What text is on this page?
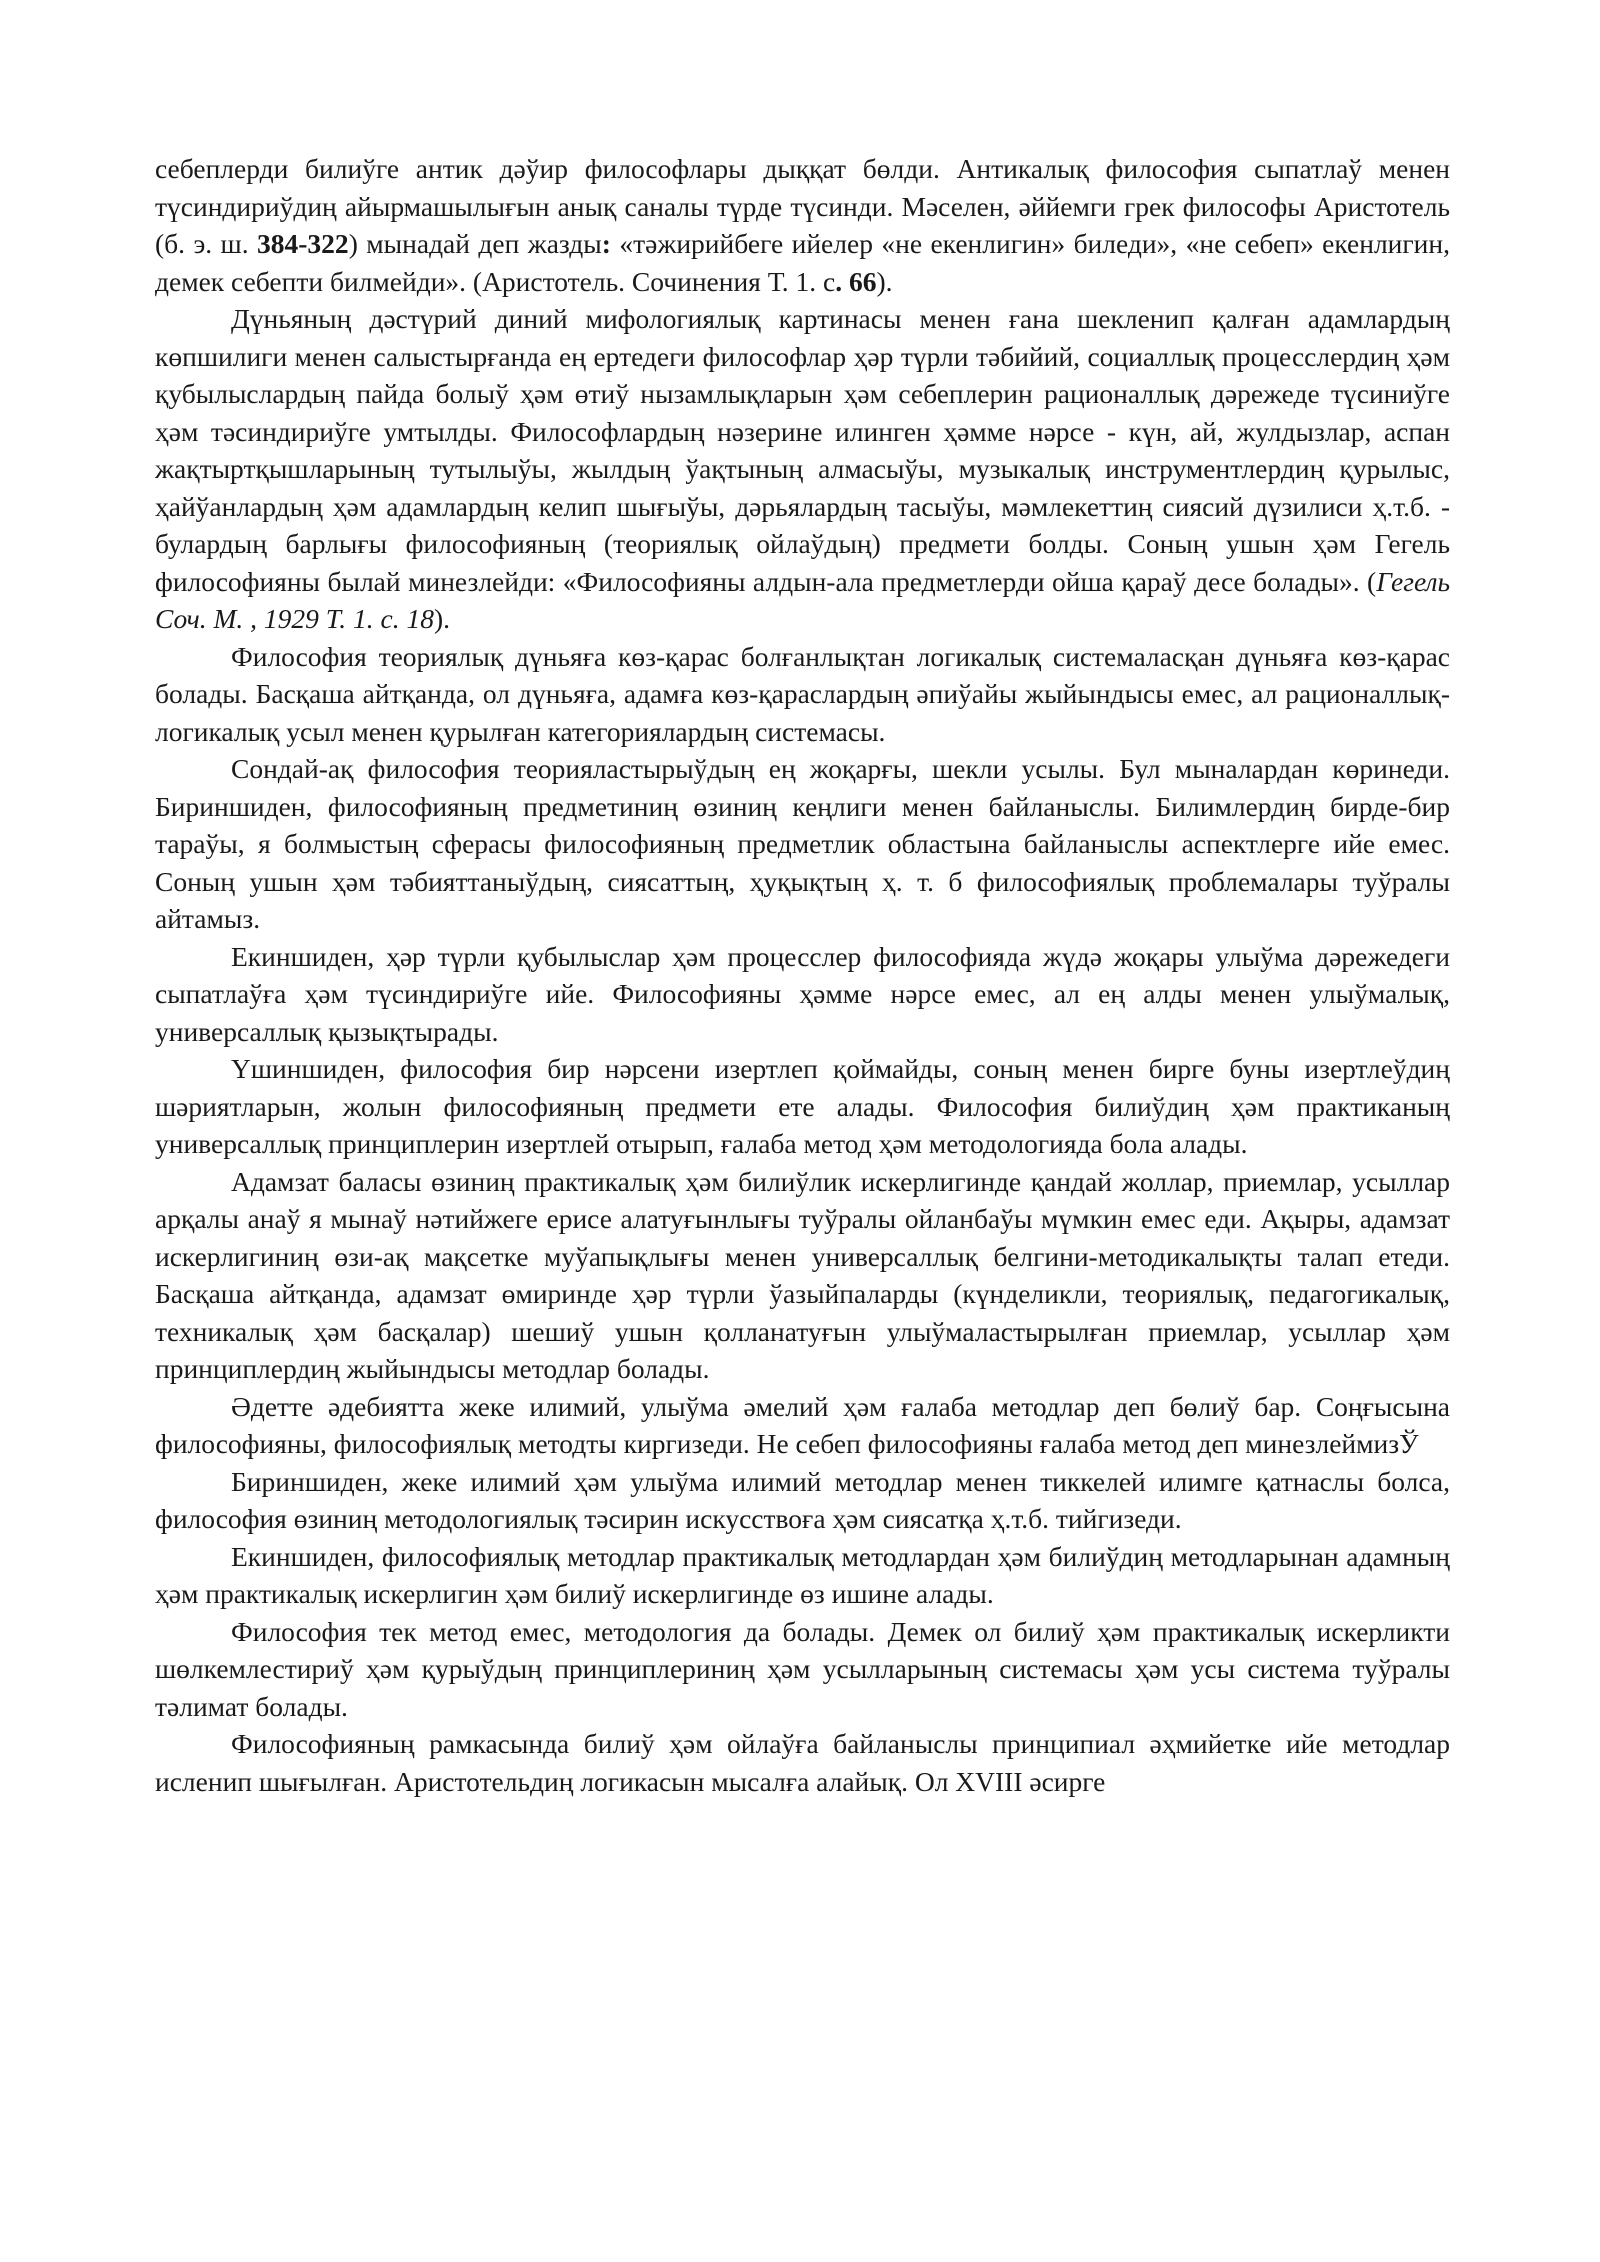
себеплерди билиўге антик дәўир философлары дыққат бөлди. Антикалық философия сыпатлаў менен түсиндириўдиң айырмашылығын анық саналы түрде түсинди. Мәселен, әййемги грек философы Аристотель (б. э. ш. 384-322) мынадай деп жазды: «тәжирийбеге ийелер «не екенлигин» биледи», «не себеп» екенлигин, демек себепти билмейди». (Аристотель. Сочинения Т. 1. с. 66).

Дүньяның дәстүрий диний мифологиялық картинасы менен ғана шекленип қалған адамлардың көпшилиги менен салыстырғанда ең ертедеги философлар ҳәр түрли тәбийий, социаллық процесслердиң ҳәм қубылыслардың пайда болыў ҳәм өтиў нызамлықларын ҳәм себеплерин рационаллық дәрежеде түсиниўге ҳәм тәсиндириўге умтылды. Философлардың нәзерине илинген ҳәмме нәрсе - күн, ай, жулдызлар, аспан жақтыртқышларының тутылыўы, жылдың ўақтының алмасыўы, музыкалық инструментлердиң қурылыс, ҳайўанлардың ҳәм адамлардың келип шығыўы, дәрьялардың тасыўы, мәмлекеттиң сиясий дүзилиси ҳ.т.б. - булардың барлығы философияның (теориялық ойлаўдың) предмети болды. Соның ушын ҳәм Гегель философияны былай минезлейди: «Философияны алдын-ала предметлерди ойша қараў десе болады». (Гегель Соч. М. , 1929 Т. 1. с. 18).

Философия теориялық дүньяға көз-қарас болғанлықтан логикалық системаласқан дүньяға көз-қарас болады. Басқаша айтқанда, ол дүньяға, адамға көз-қараслардың әпиўайы жыйындысы емес, ал рационаллық-логикалық усыл менен қурылған категориялардың системасы.

Сондай-ақ философия теорияластырыўдың ең жоқарғы, шекли усылы. Бул мыналардан көринеди. Бириншиден, философияның предметиниң өзиниң кеңлиги менен байланыслы. Билимлердиң бирде-бир тараўы, я болмыстың сферасы философияның предметлик областына байланыслы аспектлерге ийе емес. Соның ушын ҳәм тәбияттаныўдың, сиясаттың, ҳуқықтың ҳ. т. б философиялық проблемалары туўралы айтамыз.

Екиншиден, ҳәр түрли қубылыслар ҳәм процесслер философияда жүдә жоқары улыўма дәрежедеги сыпатлаўға ҳәм түсиндириўге ийе. Философияны ҳәмме нәрсе емес, ал ең алды менен улыўмалық, универсаллық қызықтырады.

Үшиншиден, философия бир нәрсени изертлеп қоймайды, соның менен бирге буны изертлеўдиң шәриятларын, жолын философияның предмети ете алады. Философия билиўдиң ҳәм практиканың универсаллық принциплерин изертлей отырып, ғалаба метод ҳәм методологияда бола алады.

Адамзат баласы өзиниң практикалық ҳәм билиўлик искерлигинде қандай жоллар, приемлар, усыллар арқалы анаў я мынаў нәтийжеге ерисе алатуғынлығы туўралы ойланбаўы мүмкин емес еди. Ақыры, адамзат искерлигиниң өзи-ақ мақсетке муўапықлығы менен универсаллық белгини-методикалықты талап етеди. Басқаша айтқанда, адамзат өмиринде ҳәр түрли ўазыйпаларды (күнделикли, теориялық, педагогикалық, техникалық ҳәм басқалар) шешиў ушын қолланатуғын улыўмаластырылған приемлар, усыллар ҳәм принциплердиң жыйындысы методлар болады.

Әдетте әдебиятта жеке илимий, улыўма әмелий ҳәм ғалаба методлар деп бөлиў бар. Соңғысына философияны, философиялық методты киргизеди. Не себеп философияны ғалаба метод деп минезлеймизЎ

Бириншиден, жеке илимий ҳәм улыўма илимий методлар менен тиккелей илимге қатнаслы болса, философия өзиниң методологиялық тәсирин искусствоға ҳәм сиясатқа ҳ.т.б. тийгизеди.

Екиншиден, философиялық методлар практикалық методлардан ҳәм билиўдиң методларынан адамның ҳәм практикалық искерлигин ҳәм билиў искерлигинде өз ишине алады.

Философия тек метод емес, методология да болады. Демек ол билиў ҳәм практикалық искерликти шөлкемлестириў ҳәм қурыўдың принциплериниң ҳәм усылларының системасы ҳәм усы система туўралы тәлимат болады.

Философияның рамкасында билиў ҳәм ойлаўға байланыслы принципиал әҳмийетке ийе методлар исленип шығылған. Аристотельдиң логикасын мысалға алайық. Ол XVIII әсирге
